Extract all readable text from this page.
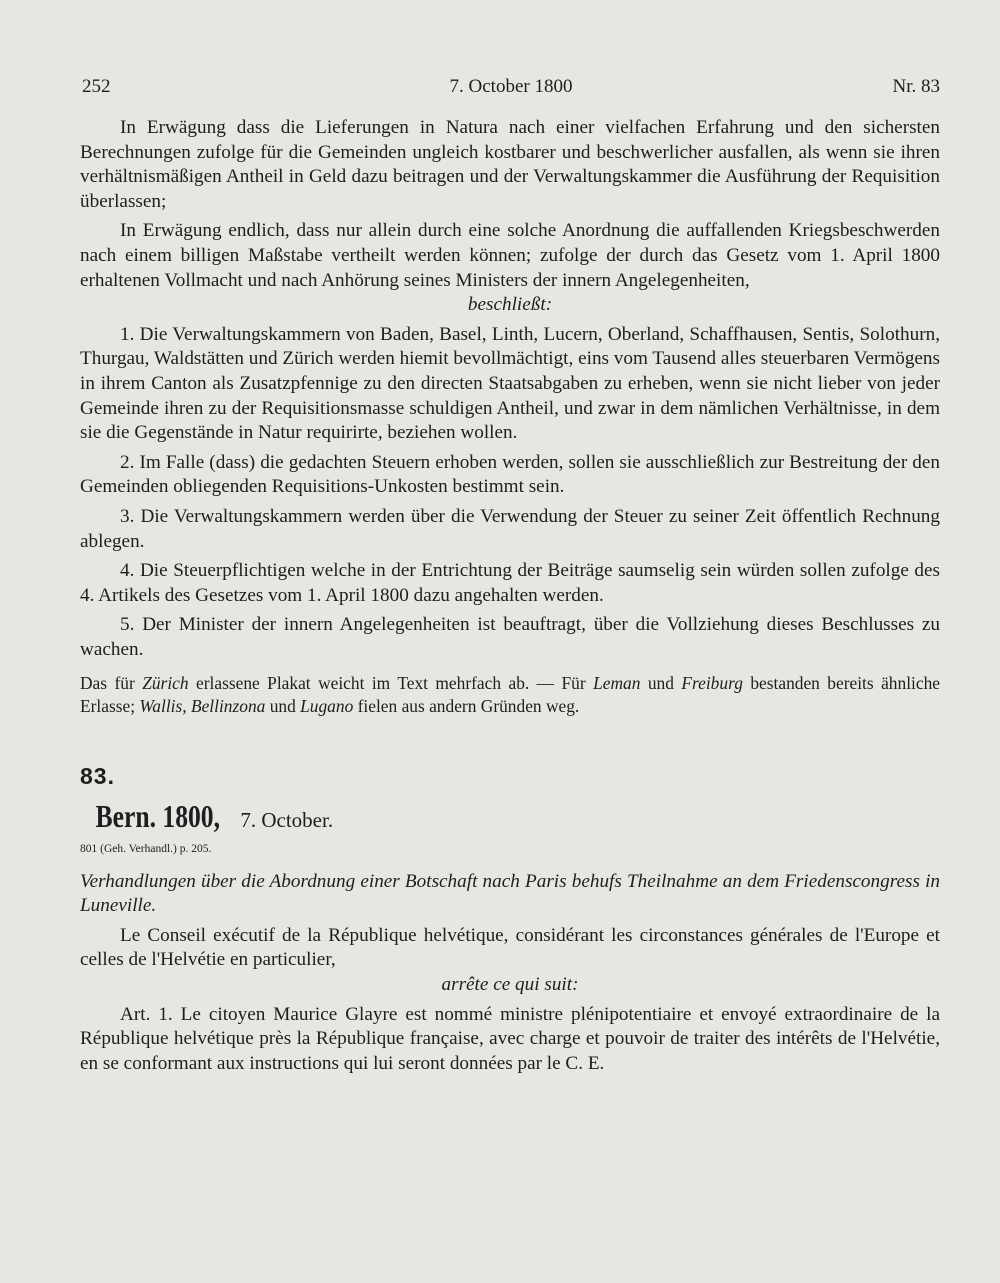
252	7. October 1800	Nr. 83

In Erwägung dass die Lieferungen in Natura nach einer vielfachen Erfahrung und den sichersten Berechnungen zufolge für die Gemeinden ungleich kostbarer und beschwerlicher ausfallen, als wenn sie ihren verhältnismäßigen Antheil in Geld dazu beitragen und der Verwaltungskammer die Ausführung der Requisition überlassen;

In Erwägung endlich, dass nur allein durch eine solche Anordnung die auffallenden Kriegsbeschwerden nach einem billigen Maßstabe vertheilt werden können; zufolge der durch das Gesetz vom 1. April 1800 erhaltenen Vollmacht und nach Anhörung seines Ministers der innern Angelegenheiten,

beschließt:

1. Die Verwaltungskammern von Baden, Basel, Linth, Lucern, Oberland, Schaffhausen, Sentis, Solothurn, Thurgau, Waldstätten und Zürich werden hiemit bevollmächtigt, eins vom Tausend alles steuerbaren Vermögens in ihrem Canton als Zusatzpfennige zu den directen Staatsabgaben zu erheben, wenn sie nicht lieber von jeder Gemeinde ihren zu der Requisitionsmasse schuldigen Antheil, und zwar in dem nämlichen Verhältnisse, in dem sie die Gegenstände in Natur requirirte, beziehen wollen.

2. Im Falle (dass) die gedachten Steuern erhoben werden, sollen sie ausschließlich zur Bestreitung der den Gemeinden obliegenden Requisitions-Unkosten bestimmt sein.

3. Die Verwaltungskammern werden über die Verwendung der Steuer zu seiner Zeit öffentlich Rechnung ablegen.

4. Die Steuerpflichtigen welche in der Entrichtung der Beiträge saumselig sein würden sollen zufolge des 4. Artikels des Gesetzes vom 1. April 1800 dazu angehalten werden.

5. Der Minister der innern Angelegenheiten ist beauftragt, über die Vollziehung dieses Beschlusses zu wachen.

Das für Zürich erlassene Plakat weicht im Text mehrfach ab. — Für Leman und Freiburg bestanden bereits ähnliche Erlasse; Wallis, Bellinzona und Lugano fielen aus andern Gründen weg.

83.

Bern. 1800, 7. October.

801 (Geh. Verhandl.) p. 205.

Verhandlungen über die Abordnung einer Botschaft nach Paris behufs Theilnahme an dem Friedenscongress in Luneville.

Le Conseil exécutif de la République helvétique, considérant les circonstances générales de l'Europe et celles de l'Helvétie en particulier,

arrête ce qui suit:

Art. 1. Le citoyen Maurice Glayre est nommé ministre plénipotentiaire et envoyé extraordinaire de la République helvétique près la République française, avec charge et pouvoir de traiter des intérêts de l'Helvétie, en se conformant aux instructions qui lui seront données par le C. E.
